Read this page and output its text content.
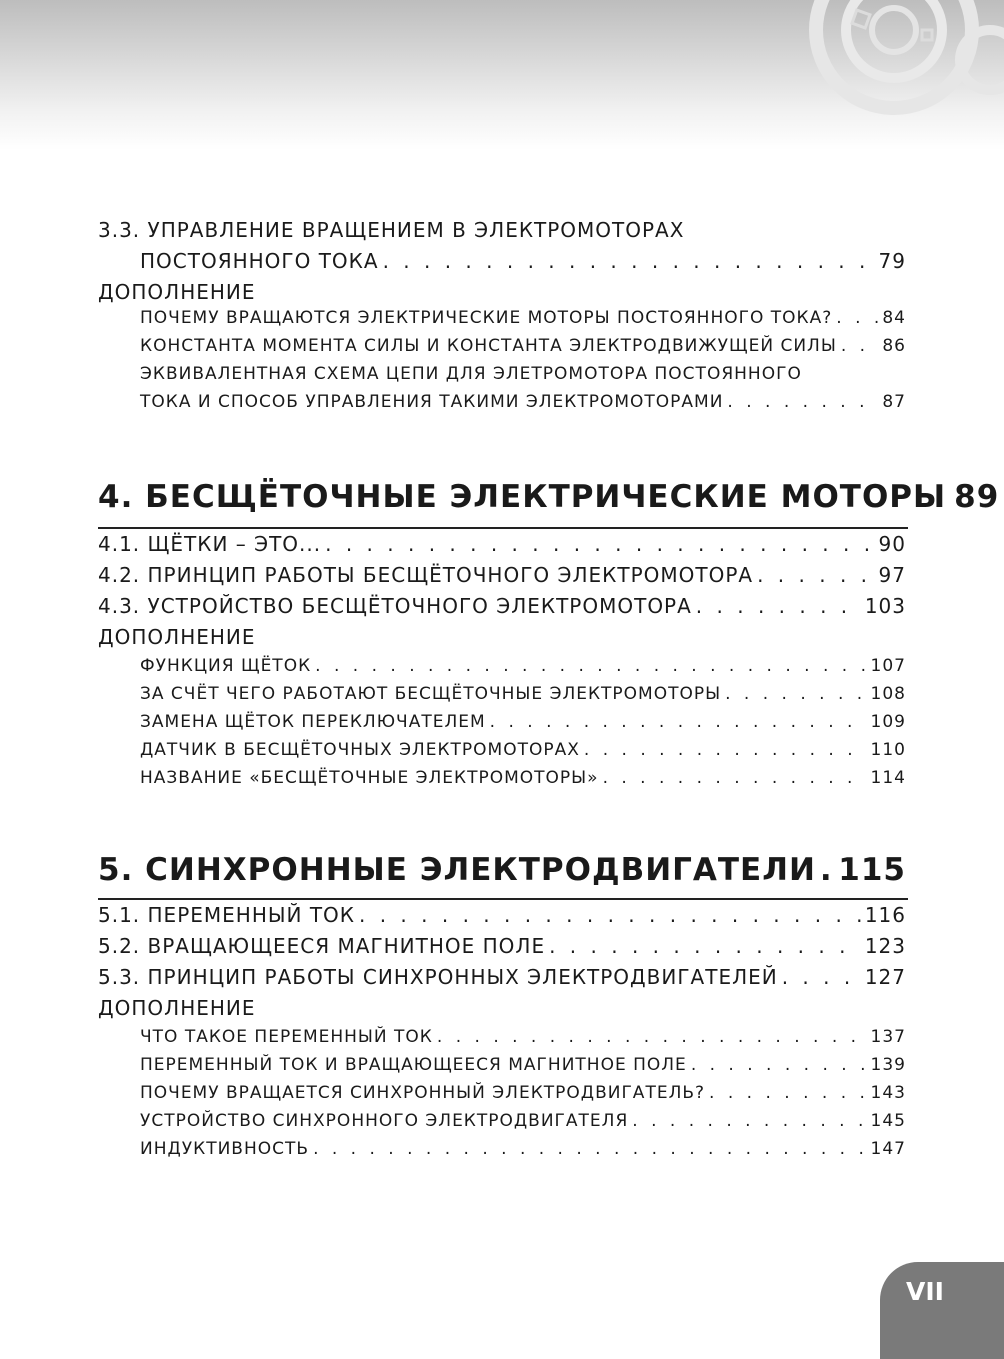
3.3. УПРАВЛЕНИЕ ВРАЩЕНИЕМ В ЭЛЕКТРОМОТОРАХ
ПОСТОЯННОГО ТОКА . . .	79
ДОПОЛНЕНИЕ
ПОЧЕМУ ВРАЩАЮТСЯ ЭЛЕКТРИЧЕСКИЕ МОТОРЫ ПОСТОЯННОГО ТОКА? . . .	84
КОНСТАНТА МОМЕНТА СИЛЫ И КОНСТАНТА ЭЛЕКТРОДВИЖУЩЕЙ СИЛЫ . . .	86
ЭКВИВАЛЕНТНАЯ СХЕМА ЦЕПИ ДЛЯ ЭЛЕТРОМОТОРА ПОСТОЯННОГО
ТОКА И СПОСОБ УПРАВЛЕНИЯ ТАКИМИ ЭЛЕКТРОМОТОРАМИ . . .	87
4. БЕСЩЁТОЧНЫЕ ЭЛЕКТРИЧЕСКИЕ МОТОРЫ 89
4.1. ЩЁТКИ – ЭТО... . . .	90
4.2. ПРИНЦИП РАБОТЫ БЕСЩЁТОЧНОГО ЭЛЕКТРОМОТОРА . . .	97
4.3. УСТРОЙСТВО БЕСЩЁТОЧНОГО ЭЛЕКТРОМОТОРА . . .	103
ДОПОЛНЕНИЕ
ФУНКЦИЯ ЩЁТОК . . .	107
ЗА СЧЁТ ЧЕГО РАБОТАЮТ БЕСЩЁТОЧНЫЕ ЭЛЕКТРОМОТОРЫ . . .	108
ЗАМЕНА ЩЁТОК ПЕРЕКЛЮЧАТЕЛЕМ . . .	109
ДАТЧИК В БЕСЩЁТОЧНЫХ ЭЛЕКТРОМОТОРАХ . . .	110
НАЗВАНИЕ «БЕСЩЁТОЧНЫЕ ЭЛЕКТРОМОТОРЫ» . . .	114
5. СИНХРОННЫЕ ЭЛЕКТРОДВИГАТЕЛИ . . . 115
5.1. ПЕРЕМЕННЫЙ ТОК . . .	116
5.2. ВРАЩАЮЩЕЕСЯ МАГНИТНОЕ ПОЛЕ . . .	123
5.3. ПРИНЦИП РАБОТЫ СИНХРОННЫХ ЭЛЕКТРОДВИГАТЕЛЕЙ . . .	127
ДОПОЛНЕНИЕ
ЧТО ТАКОЕ ПЕРЕМЕННЫЙ ТОК . . .	137
ПЕРЕМЕННЫЙ ТОК И ВРАЩАЮЩЕЕСЯ МАГНИТНОЕ ПОЛЕ . . .	139
ПОЧЕМУ ВРАЩАЕТСЯ СИНХРОННЫЙ ЭЛЕКТРОДВИГАТЕЛЬ? . . .	143
УСТРОЙСТВО СИНХРОННОГО ЭЛЕКТРОДВИГАТЕЛЯ . . .	145
ИНДУКТИВНОСТЬ . . .	147
VII
